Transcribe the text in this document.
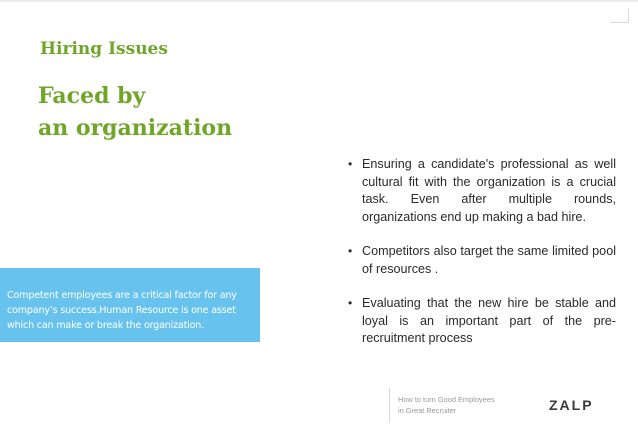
Hiring Issues
Faced by
an organization
Competent employees are a critical factor for any company’s success.Human Resource is one asset which can make or break the organization.
• Ensuring a candidate's professional as well cultural fit with the organization is a crucial task. Even after multiple rounds, organizations end up making a bad hire.
• Competitors also target the same limited pool of resources .
• Evaluating that the new hire be stable and loyal is an important part of the pre-recruitment process
How to turn Good Employees
in Great Recruiter	ZALP
